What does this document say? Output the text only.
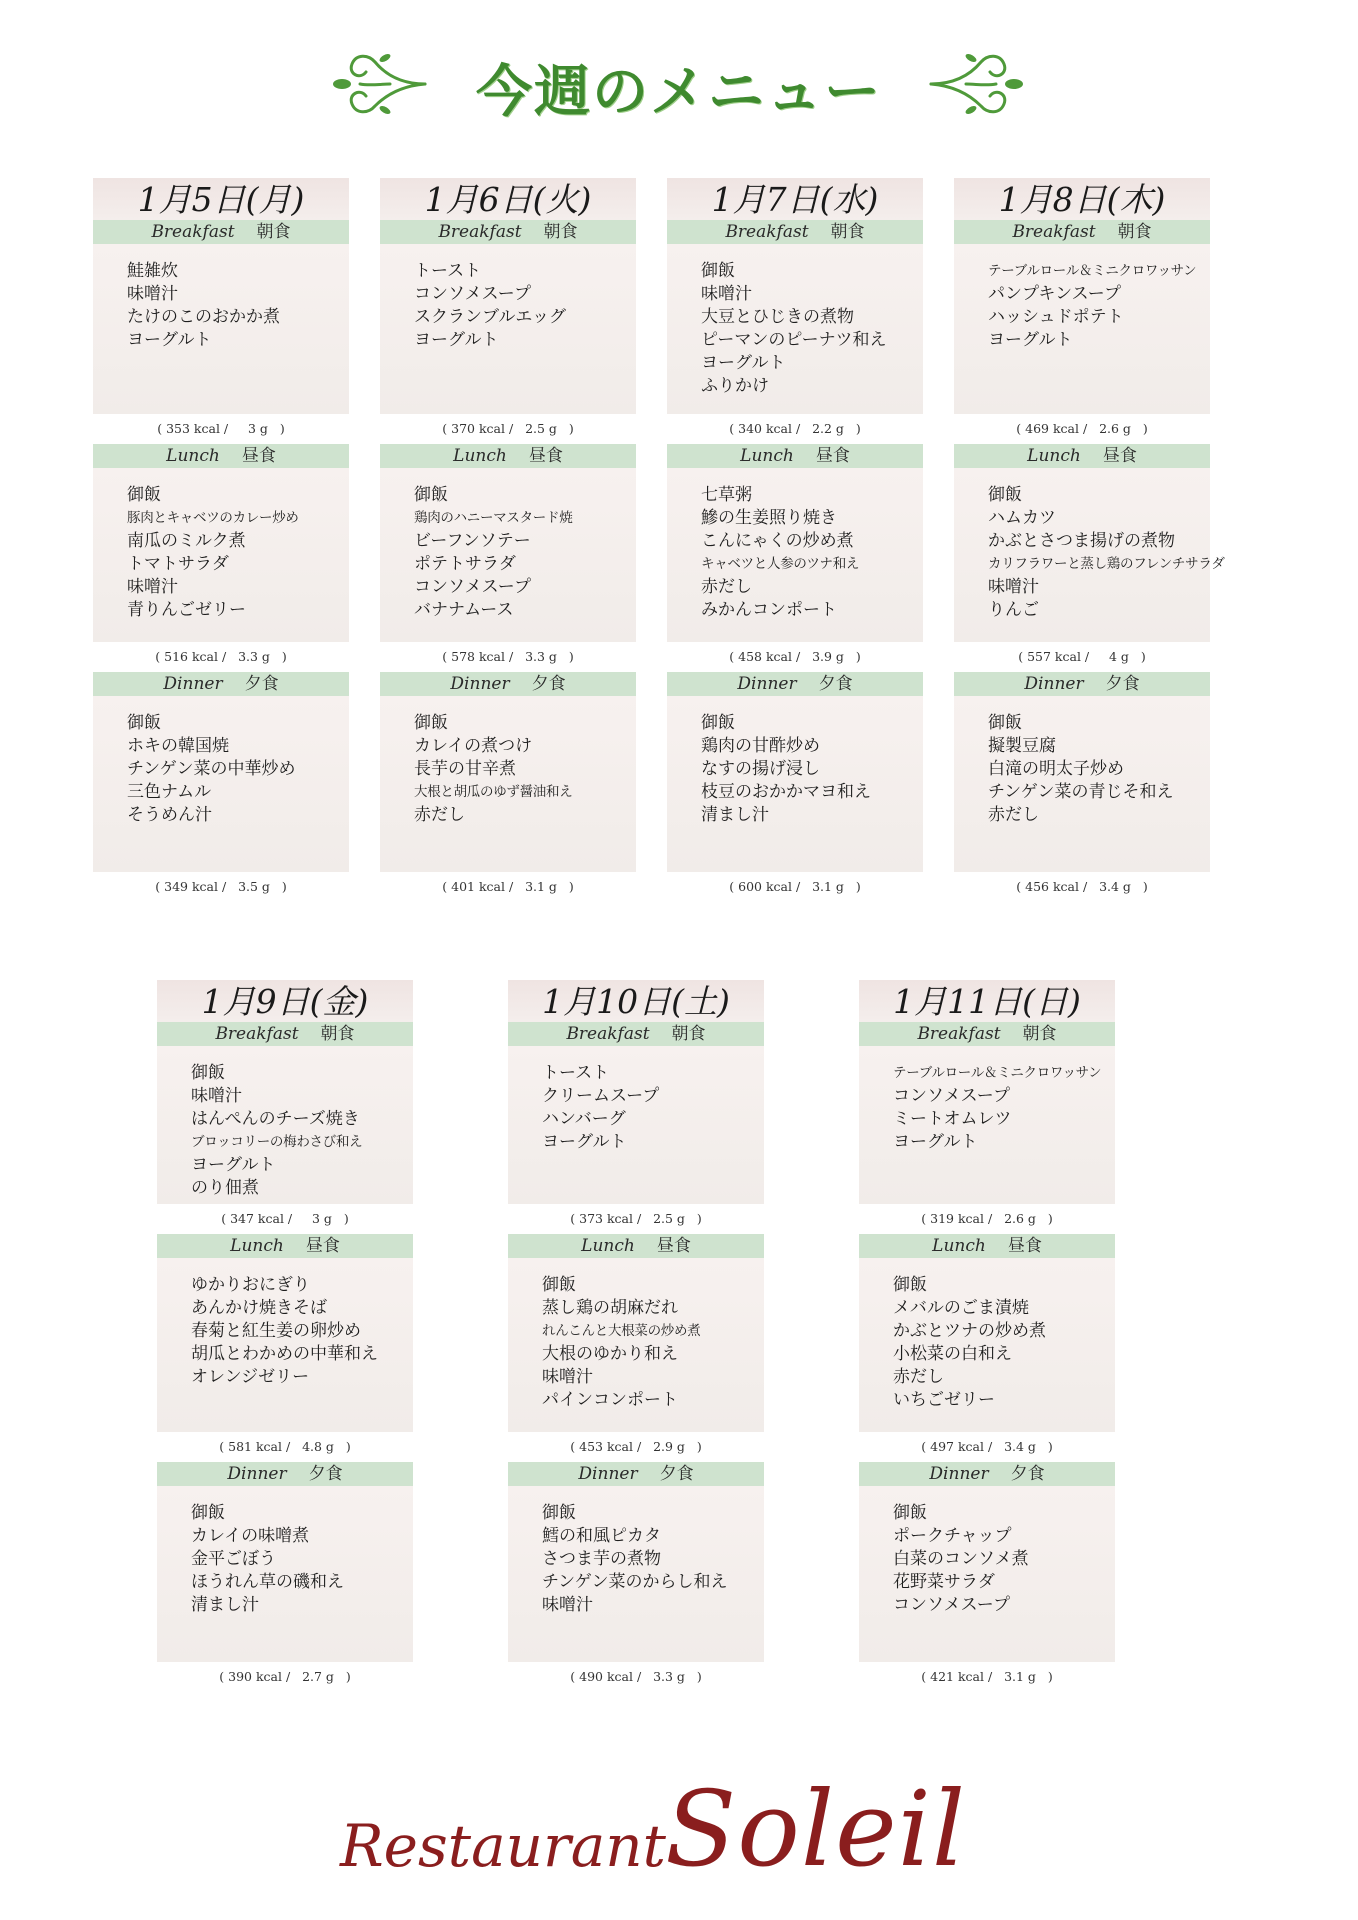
今週のメニュー
1月5日(月)
Breakfast 朝食
鮭雑炊
味噌汁
たけのこのおかか煮
ヨーグルト
( 353 kcal /     3 g   )
Lunch 昼食
御飯
豚肉とキャベツのカレー炒め
南瓜のミルク煮
トマトサラダ
味噌汁
青りんごゼリー
( 516 kcal /   3.3 g   )
Dinner 夕食
御飯
ホキの韓国焼
チンゲン菜の中華炒め
三色ナムル
そうめん汁
( 349 kcal /   3.5 g   )
1月6日(火)
Breakfast 朝食
トースト
コンソメスープ
スクランブルエッグ
ヨーグルト
( 370 kcal /   2.5 g   )
Lunch 昼食
御飯
鶏肉のハニーマスタード焼
ビーフンソテー
ポテトサラダ
コンソメスープ
バナナムース
( 578 kcal /   3.3 g   )
Dinner 夕食
御飯
カレイの煮つけ
長芋の甘辛煮
大根と胡瓜のゆず醤油和え
赤だし
( 401 kcal /   3.1 g   )
1月7日(水)
Breakfast 朝食
御飯
味噌汁
大豆とひじきの煮物
ピーマンのピーナツ和え
ヨーグルト
ふりかけ
( 340 kcal /   2.2 g   )
Lunch 昼食
七草粥
鰺の生姜照り焼き
こんにゃくの炒め煮
キャベツと人参のツナ和え
赤だし
みかんコンポート
( 458 kcal /   3.9 g   )
Dinner 夕食
御飯
鶏肉の甘酢炒め
なすの揚げ浸し
枝豆のおかかマヨ和え
清まし汁
( 600 kcal /   3.1 g   )
1月8日(木)
Breakfast 朝食
テーブルロール＆ミニクロワッサン
パンプキンスープ
ハッシュドポテト
ヨーグルト
( 469 kcal /   2.6 g   )
Lunch 昼食
御飯
ハムカツ
かぶとさつま揚げの煮物
カリフラワーと蒸し鶏のフレンチサラダ
味噌汁
りんご
( 557 kcal /     4 g   )
Dinner 夕食
御飯
擬製豆腐
白滝の明太子炒め
チンゲン菜の青じそ和え
赤だし
( 456 kcal /   3.4 g   )
1月9日(金)
Breakfast 朝食
御飯
味噌汁
はんぺんのチーズ焼き
ブロッコリーの梅わさび和え
ヨーグルト
のり佃煮
( 347 kcal /     3 g   )
Lunch 昼食
ゆかりおにぎり
あんかけ焼きそば
春菊と紅生姜の卵炒め
胡瓜とわかめの中華和え
オレンジゼリー
( 581 kcal /   4.8 g   )
Dinner 夕食
御飯
カレイの味噌煮
金平ごぼう
ほうれん草の磯和え
清まし汁
( 390 kcal /   2.7 g   )
1月10日(土)
Breakfast 朝食
トースト
クリームスープ
ハンバーグ
ヨーグルト
( 373 kcal /   2.5 g   )
Lunch 昼食
御飯
蒸し鶏の胡麻だれ
れんこんと大根菜の炒め煮
大根のゆかり和え
味噌汁
パインコンポート
( 453 kcal /   2.9 g   )
Dinner 夕食
御飯
鱈の和風ピカタ
さつま芋の煮物
チンゲン菜のからし和え
味噌汁
( 490 kcal /   3.3 g   )
1月11日(日)
Breakfast 朝食
テーブルロール＆ミニクロワッサン
コンソメスープ
ミートオムレツ
ヨーグルト
( 319 kcal /   2.6 g   )
Lunch 昼食
御飯
メバルのごま漬焼
かぶとツナの炒め煮
小松菜の白和え
赤だし
いちごゼリー
( 497 kcal /   3.4 g   )
Dinner 夕食
御飯
ポークチャップ
白菜のコンソメ煮
花野菜サラダ
コンソメスープ
( 421 kcal /   3.1 g   )
Restaurant Soleil
